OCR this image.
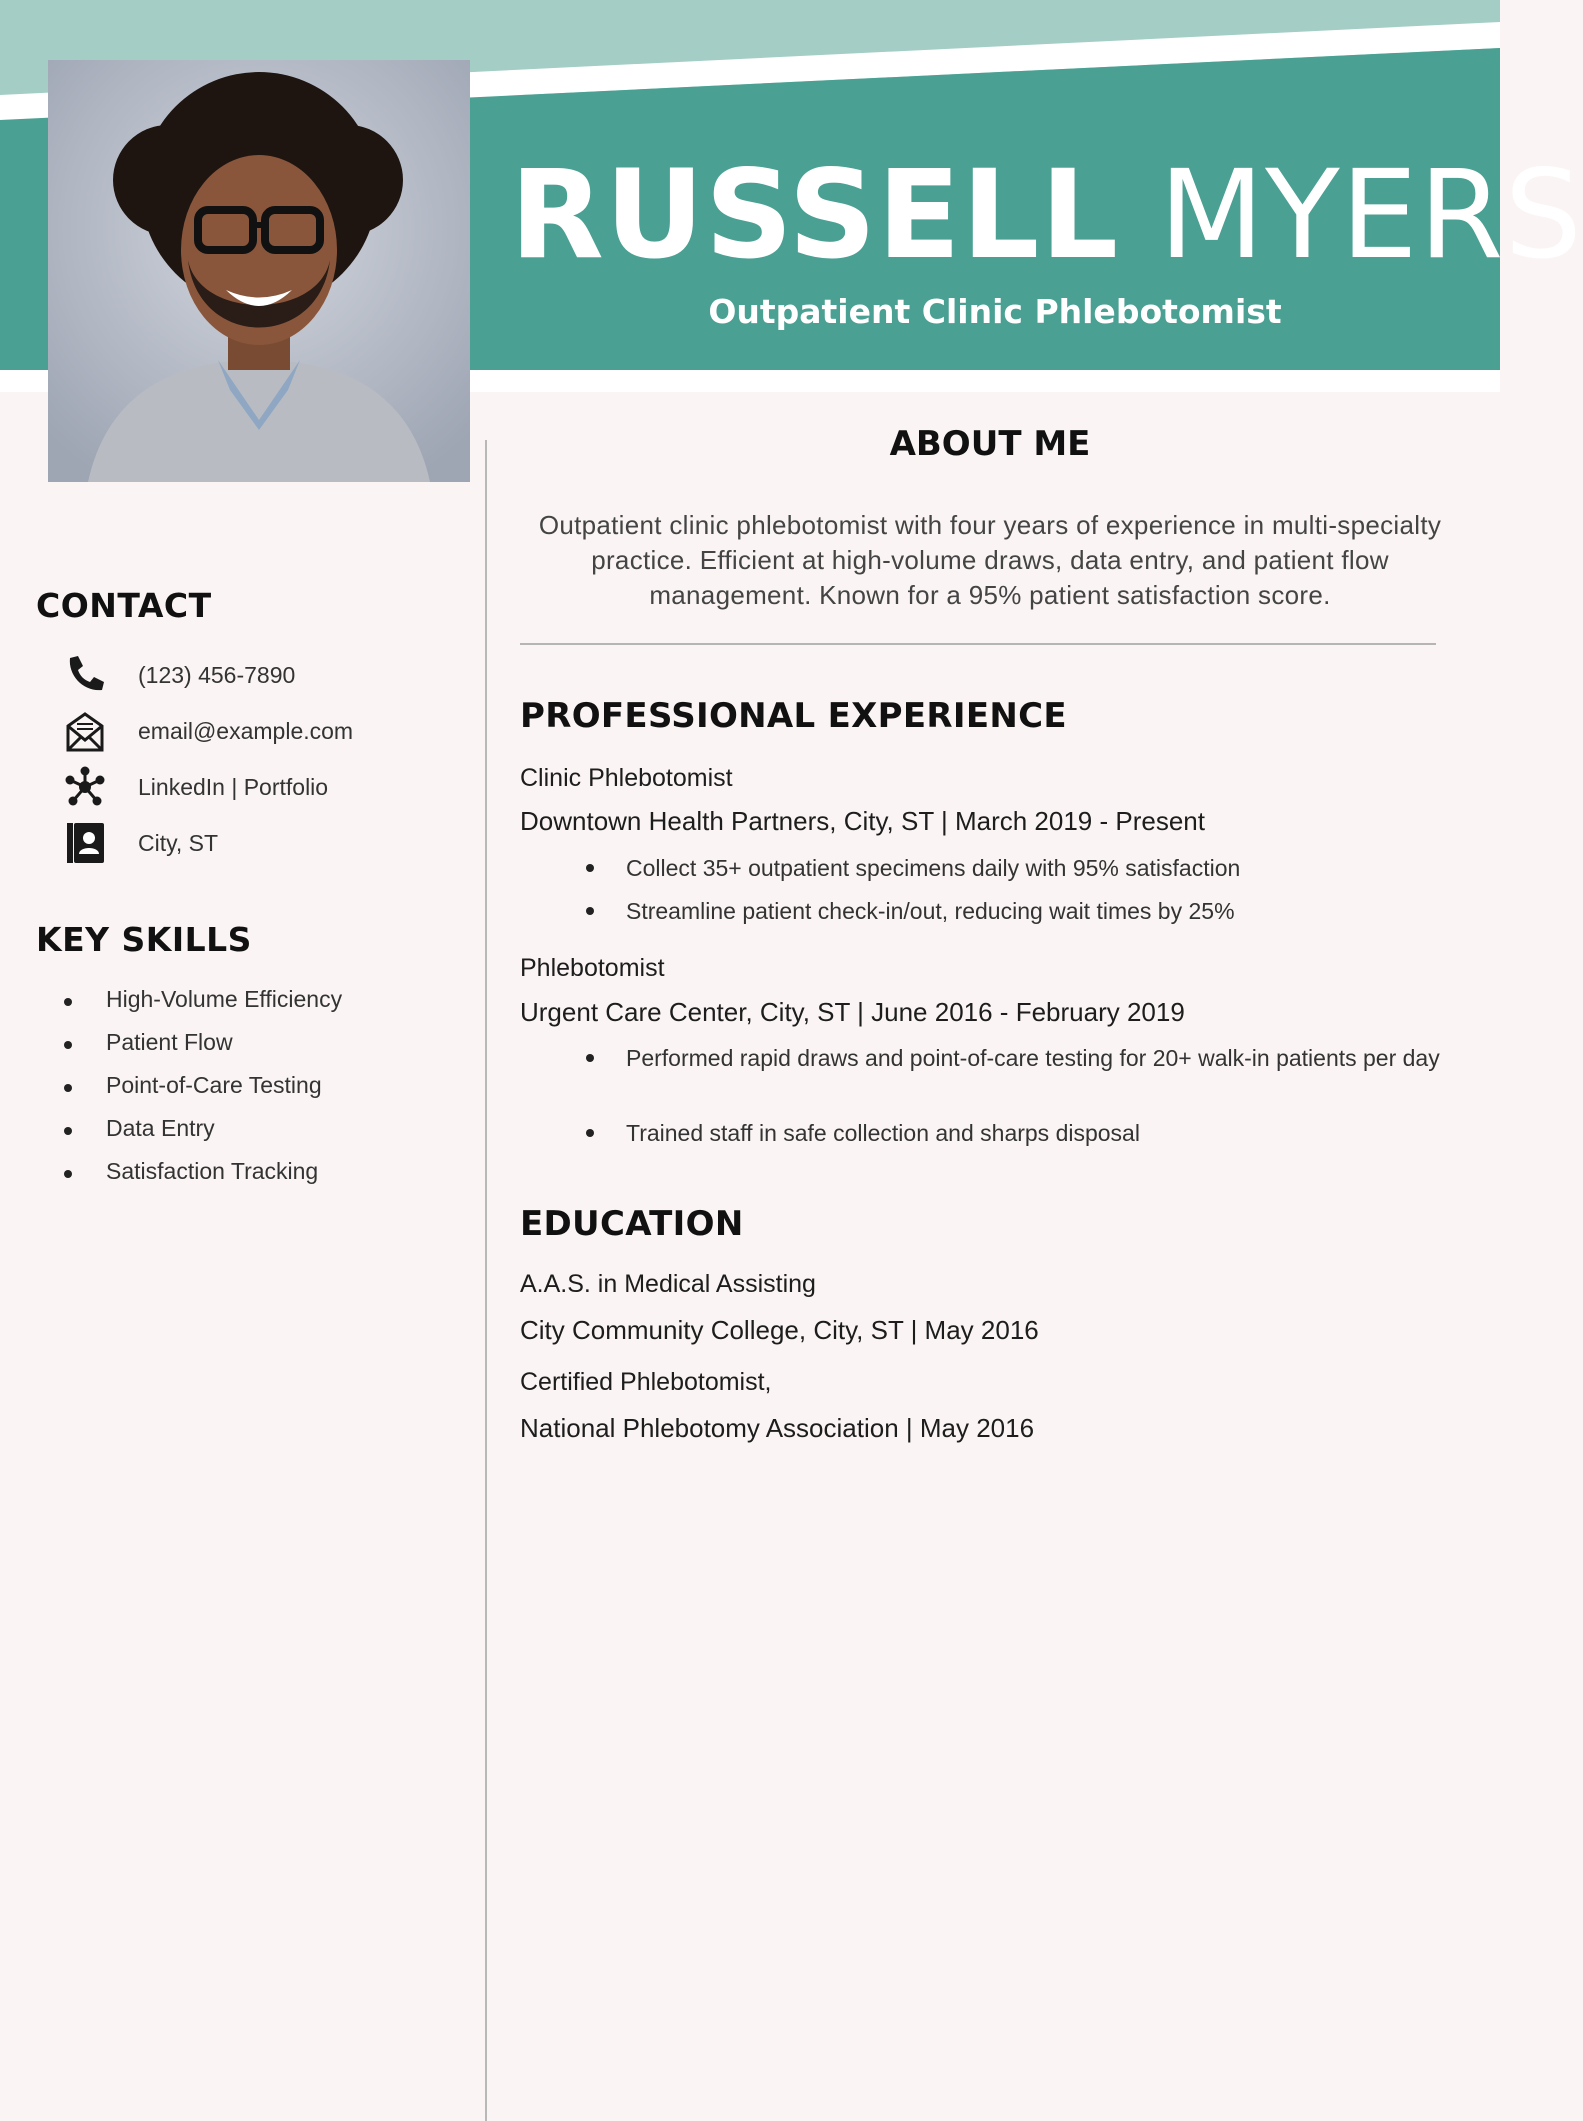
RUSSELL MYERS
Outpatient Clinic Phlebotomist
CONTACT
(123) 456-7890
email@example.com
LinkedIn | Portfolio
City, ST
KEY SKILLS
High-Volume Efficiency
Patient Flow
Point-of-Care Testing
Data Entry
Satisfaction Tracking
ABOUT ME
Outpatient clinic phlebotomist with four years of experience in multi-specialty
practice. Efficient at high-volume draws, data entry, and patient flow
management. Known for a 95% patient satisfaction score.
PROFESSIONAL EXPERIENCE
Clinic Phlebotomist
Downtown Health Partners, City, ST | March 2019 - Present
Collect 35+ outpatient specimens daily with 95% satisfaction
Streamline patient check-in/out, reducing wait times by 25%
Phlebotomist
Urgent Care Center, City, ST | June 2016 - February 2019
Performed rapid draws and point-of-care testing for 20+ walk-in patients per day
Trained staff in safe collection and sharps disposal
EDUCATION
A.A.S. in Medical Assisting
City Community College, City, ST | May 2016
Certified Phlebotomist,
National Phlebotomy Association | May 2016
